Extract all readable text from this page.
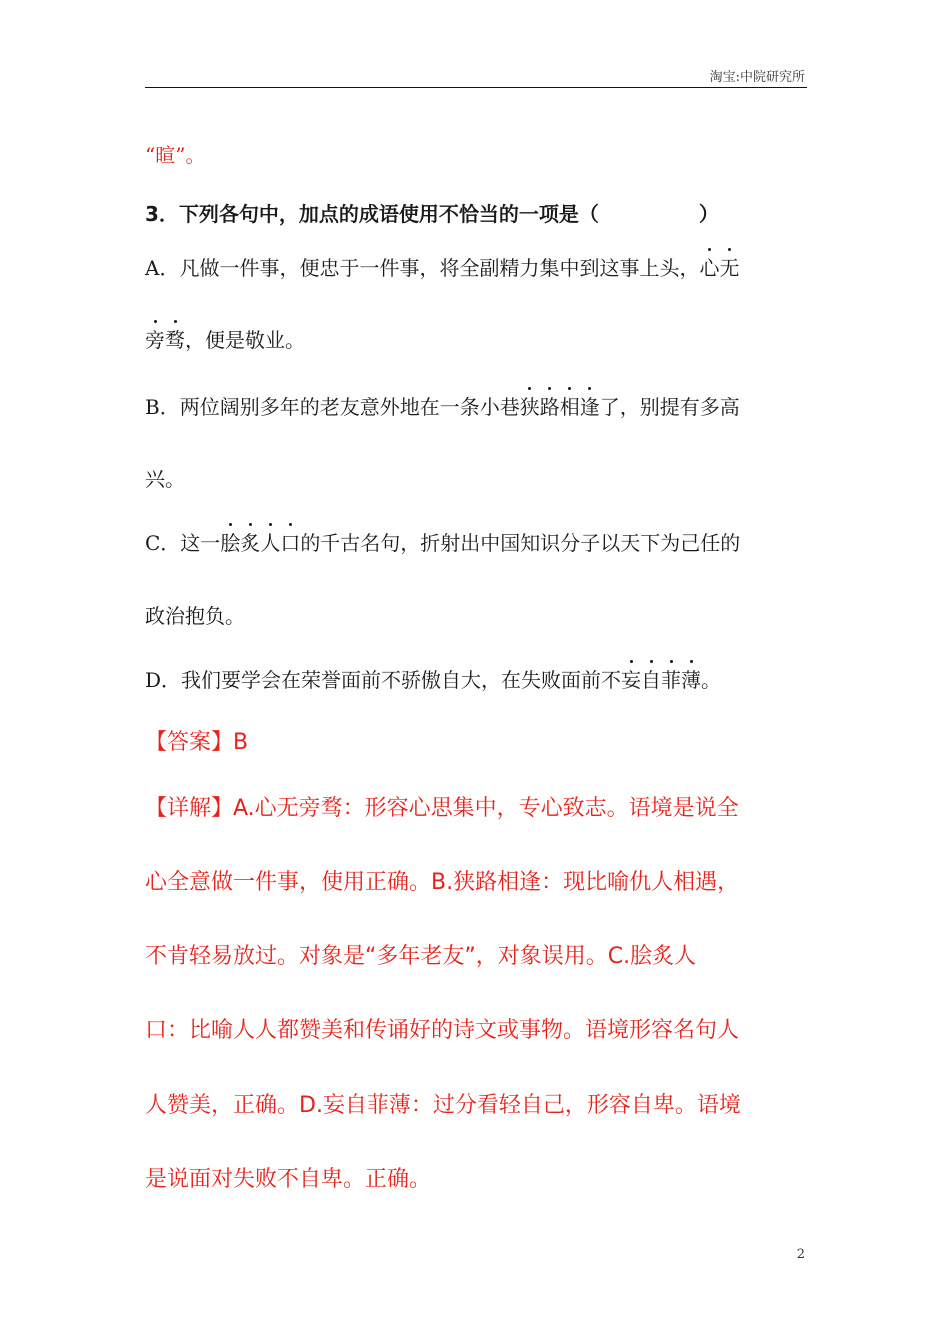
淘宝:中院研究所
“暄”。
3．下列各句中，加点的成语使用不恰当的一项是（	）
A．凡做一件事，便忠于一件事，将全副精力集中到这事上头，心无
旁骛，便是敬业。
B．两位阔别多年的老友意外地在一条小巷狭路相逢了，别提有多高
兴。
C．这一脍炙人口的千古名句，折射出中国知识分子以天下为己任的
政治抱负。
D．我们要学会在荣誉面前不骄傲自大，在失败面前不妄自菲薄。
【答案】B
【详解】A.心无旁骛：形容心思集中，专心致志。语境是说全
心全意做一件事，使用正确。B.狭路相逢：现比喻仇人相遇，
不肯轻易放过。对象是“多年老友”，对象误用。C.脍炙人
口：比喻人人都赞美和传诵好的诗文或事物。语境形容名句人
人赞美，正确。D.妄自菲薄：过分看轻自己，形容自卑。语境
是说面对失败不自卑。正确。
2
